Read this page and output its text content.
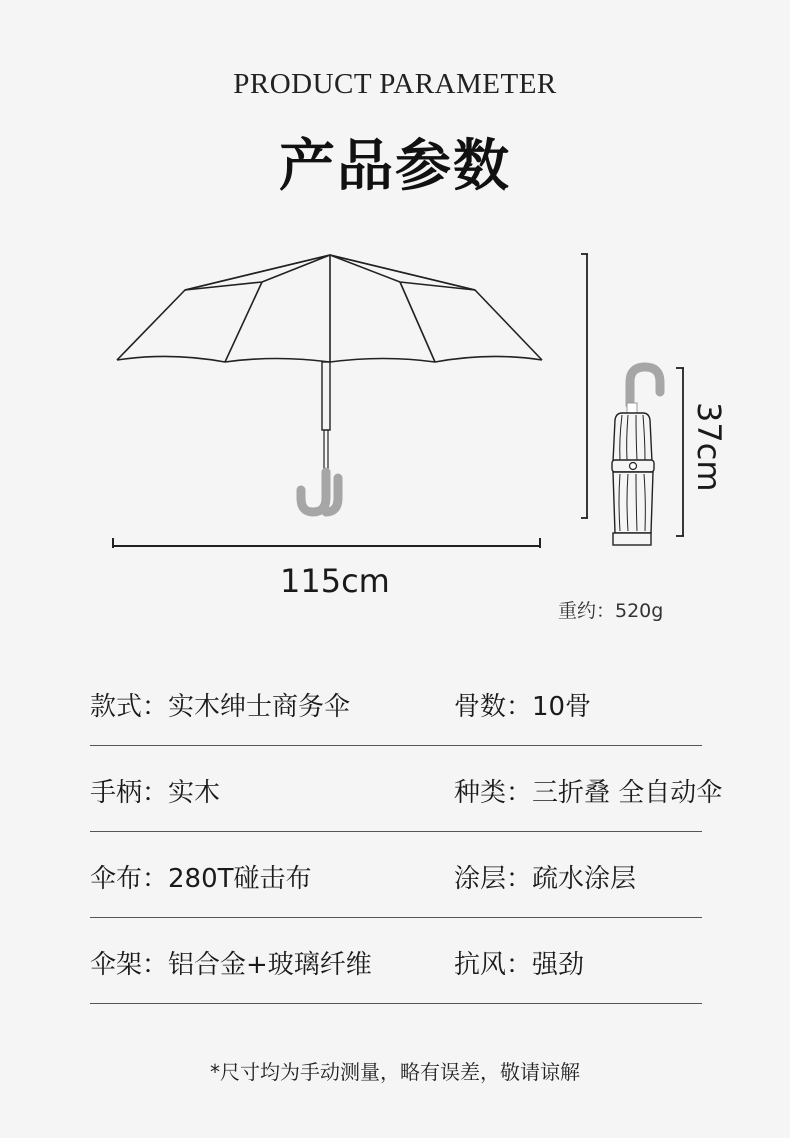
PRODUCT PARAMETER
产品参数
115cm
37cm
重约：520g
款式：实木绅士商务伞	骨数：10骨
手柄：实木	种类：三折叠 全自动伞
伞布：280T碰击布	涂层：疏水涂层
伞架：铝合金+玻璃纤维	抗风：强劲
*尺寸均为手动测量，略有误差，敬请谅解
